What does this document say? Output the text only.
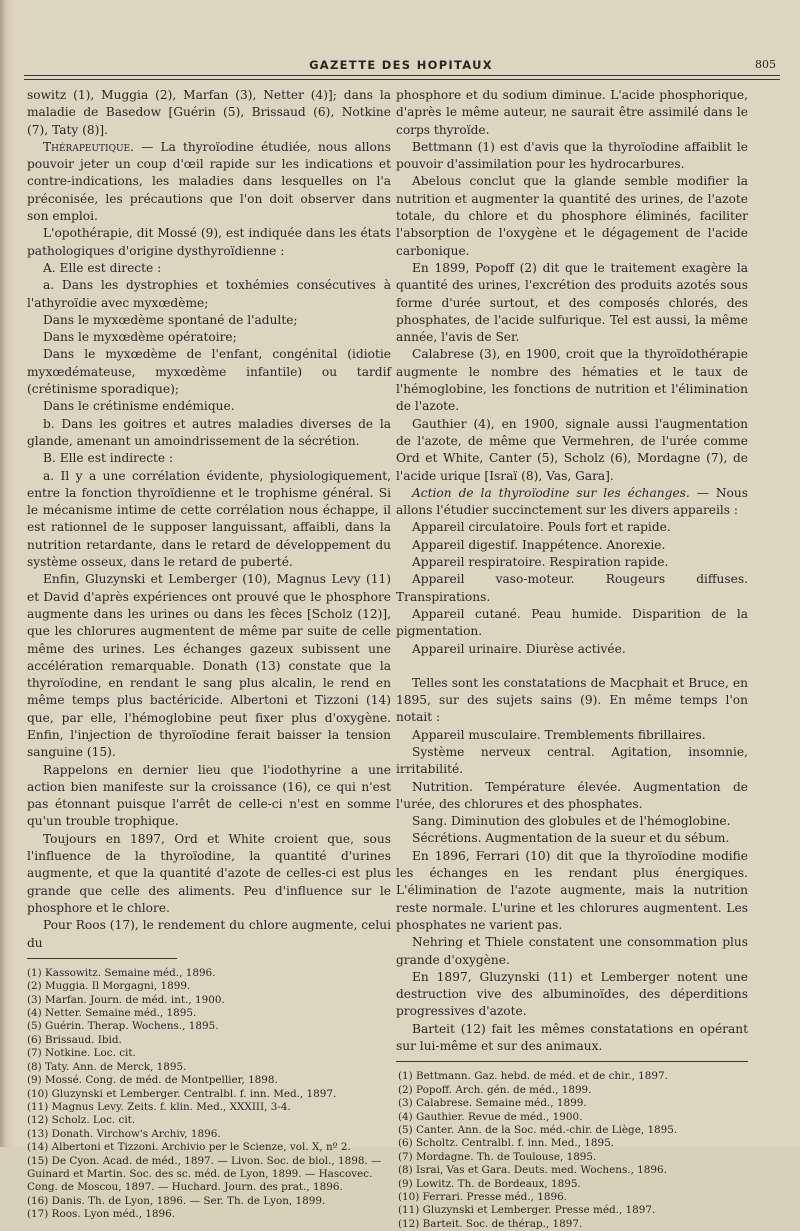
GAZETTE DES HOPITAUX	805

sowitz (1), Muggia (2), Marfan (3), Netter (4)]; dans la maladie de Basedow [Guérin (5), Brissaud (6), Notkine (7), Taty (8)].

Thérapeutique. — La thyroïodine étudiée, nous allons pouvoir jeter un coup d'œil rapide sur les indications et contre-indications, les maladies dans lesquelles on l'a préconisée, les précautions que l'on doit observer dans son emploi.

L'opothérapie, dit Mossé (9), est indiquée dans les états pathologiques d'origine dysthyroïdienne :

A. Elle est directe :

a. Dans les dystrophies et toxhémies consécutives à l'athyroïdie avec myxœdème;

Dans le myxœdème spontané de l'adulte;

Dans le myxœdème opératoire;

Dans le myxœdème de l'enfant, congénital (idiotie myxœdémateuse, myxœdème infantile) ou tardif (crétinisme sporadique);

Dans le crétinisme endémique.

b. Dans les goitres et autres maladies diverses de la glande, amenant un amoindrissement de la sécrétion.

B. Elle est indirecte :

a. Il y a une corrélation évidente, physiologiquement, entre la fonction thyroïdienne et le trophisme général. Si le mécanisme intime de cette corrélation nous échappe, il est rationnel de le supposer languissant, affaibli, dans la nutrition retardante, dans le retard de développement du système osseux, dans le retard de puberté.

Enfin, Gluzynski et Lemberger (10), Magnus Levy (11) et David d'après expériences ont prouvé que le phosphore augmente dans les urines ou dans les fèces [Scholz (12)], que les chlorures augmentent de même par suite de celle même des urines. Les échanges gazeux subissent une accélération remarquable. Donath (13) constate que la thyroïodine, en rendant le sang plus alcalin, le rend en même temps plus bactéricide. Albertoni et Tizzoni (14) que, par elle, l'hémoglobine peut fixer plus d'oxygène. Enfin, l'injection de thyroïodine ferait baisser la tension sanguine (15).

Rappelons en dernier lieu que l'iodothyrine a une action bien manifeste sur la croissance (16), ce qui n'est pas étonnant puisque l'arrêt de celle-ci n'est en somme qu'un trouble trophique.

Toujours en 1897, Ord et White croient que, sous l'influence de la thyroïodine, la quantité d'urines augmente, et que la quantité d'azote de celles-ci est plus grande que celle des aliments. Peu d'influence sur le phosphore et le chlore.

Pour Roos (17), le rendement du chlore augmente, celui du

(1) Kassowitz. Semaine méd., 1896.

(2) Muggia. Il Morgagni, 1899.

(3) Marfan. Journ. de méd. int., 1900.

(4) Netter. Semaine méd., 1895.

(5) Guérin. Therap. Wochens., 1895.

(6) Brissaud. Ibid.

(7) Notkine. Loc. cit.

(8) Taty. Ann. de Merck, 1895.

(9) Mossé. Cong. de méd. de Montpellier, 1898.

(10) Gluzynski et Lemberger. Centralbl. f. inn. Med., 1897.

(11) Magnus Levy. Zeits. f. klin. Med., XXXIII, 3-4.

(12) Scholz. Loc. cit.

(13) Donath. Virchow's Archiv, 1896.

(14) Albertoni et Tizzoni. Archivio per le Scienze, vol. X, nº 2.

(15) De Cyon. Acad. de méd., 1897. — Livon. Soc. de biol., 1898. — Guinard et Martin. Soc. des sc. méd. de Lyon, 1899. — Hascovec. Cong. de Moscou, 1897. — Huchard. Journ. des prat., 1896.

(16) Danis. Th. de Lyon, 1896. — Ser. Th. de Lyon, 1899.

(17) Roos. Lyon méd., 1896.

phosphore et du sodium diminue. L'acide phosphorique, d'après le même auteur, ne saurait être assimilé dans le corps thyroïde.

Bettmann (1) est d'avis que la thyroïodine affaiblit le pouvoir d'assimilation pour les hydrocarbures.

Abelous conclut que la glande semble modifier la nutrition et augmenter la quantité des urines, de l'azote totale, du chlore et du phosphore éliminés, faciliter l'absorption de l'oxygène et le dégagement de l'acide carbonique.

En 1899, Popoff (2) dit que le traitement exagère la quantité des urines, l'excrétion des produits azotés sous forme d'urée surtout, et des composés chlorés, des phosphates, de l'acide sulfurique. Tel est aussi, la même année, l'avis de Ser.

Calabrese (3), en 1900, croit que la thyroïdothérapie augmente le nombre des hématies et le taux de l'hémoglobine, les fonctions de nutrition et l'élimination de l'azote.

Gauthier (4), en 1900, signale aussi l'augmentation de l'azote, de même que Vermehren, de l'urée comme Ord et White, Canter (5), Scholz (6), Mordagne (7), de l'acide urique [Israï (8), Vas, Gara].

Action de la thyroïodine sur les échanges. — Nous allons l'étudier succinctement sur les divers appareils :

Appareil circulatoire. Pouls fort et rapide.

Appareil digestif. Inappétence. Anorexie.

Appareil respiratoire. Respiration rapide.

Appareil vaso-moteur. Rougeurs diffuses. Transpirations.

Appareil cutané. Peau humide. Disparition de la pigmentation.

Appareil urinaire. Diurèse activée.

Telles sont les constatations de Macphait et Bruce, en 1895, sur des sujets sains (9). En même temps l'on notait :

Appareil musculaire. Tremblements fibrillaires.

Système nerveux central. Agitation, insomnie, irritabilité.

Nutrition. Température élevée. Augmentation de l'urée, des chlorures et des phosphates.

Sang. Diminution des globules et de l'hémoglobine.

Sécrétions. Augmentation de la sueur et du sébum.

En 1896, Ferrari (10) dit que la thyroïodine modifie les échanges en les rendant plus énergiques. L'élimination de l'azote augmente, mais la nutrition reste normale. L'urine et les chlorures augmentent. Les phosphates ne varient pas.

Nehring et Thiele constatent une consommation plus grande d'oxygène.

En 1897, Gluzynski (11) et Lemberger notent une destruction vive des albuminoïdes, des déperditions progressives d'azote.

Barteit (12) fait les mêmes constatations en opérant sur lui-même et sur des animaux.

(1) Bettmann. Gaz. hebd. de méd. et de chir., 1897.

(2) Popoff. Arch. gén. de méd., 1899.

(3) Calabrese. Semaine méd., 1899.

(4) Gauthier. Revue de méd., 1900.

(5) Canter. Ann. de la Soc. méd.-chir. de Liège, 1895.

(6) Scholtz. Centralbl. f. inn. Med., 1895.

(7) Mordagne. Th. de Toulouse, 1895.

(8) Israi, Vas et Gara. Deuts. med. Wochens., 1896.

(9) Lowitz. Th. de Bordeaux, 1895.

(10) Ferrari. Presse méd., 1896.

(11) Gluzynski et Lemberger. Presse méd., 1897.

(12) Barteit. Soc. de thérap., 1897.
